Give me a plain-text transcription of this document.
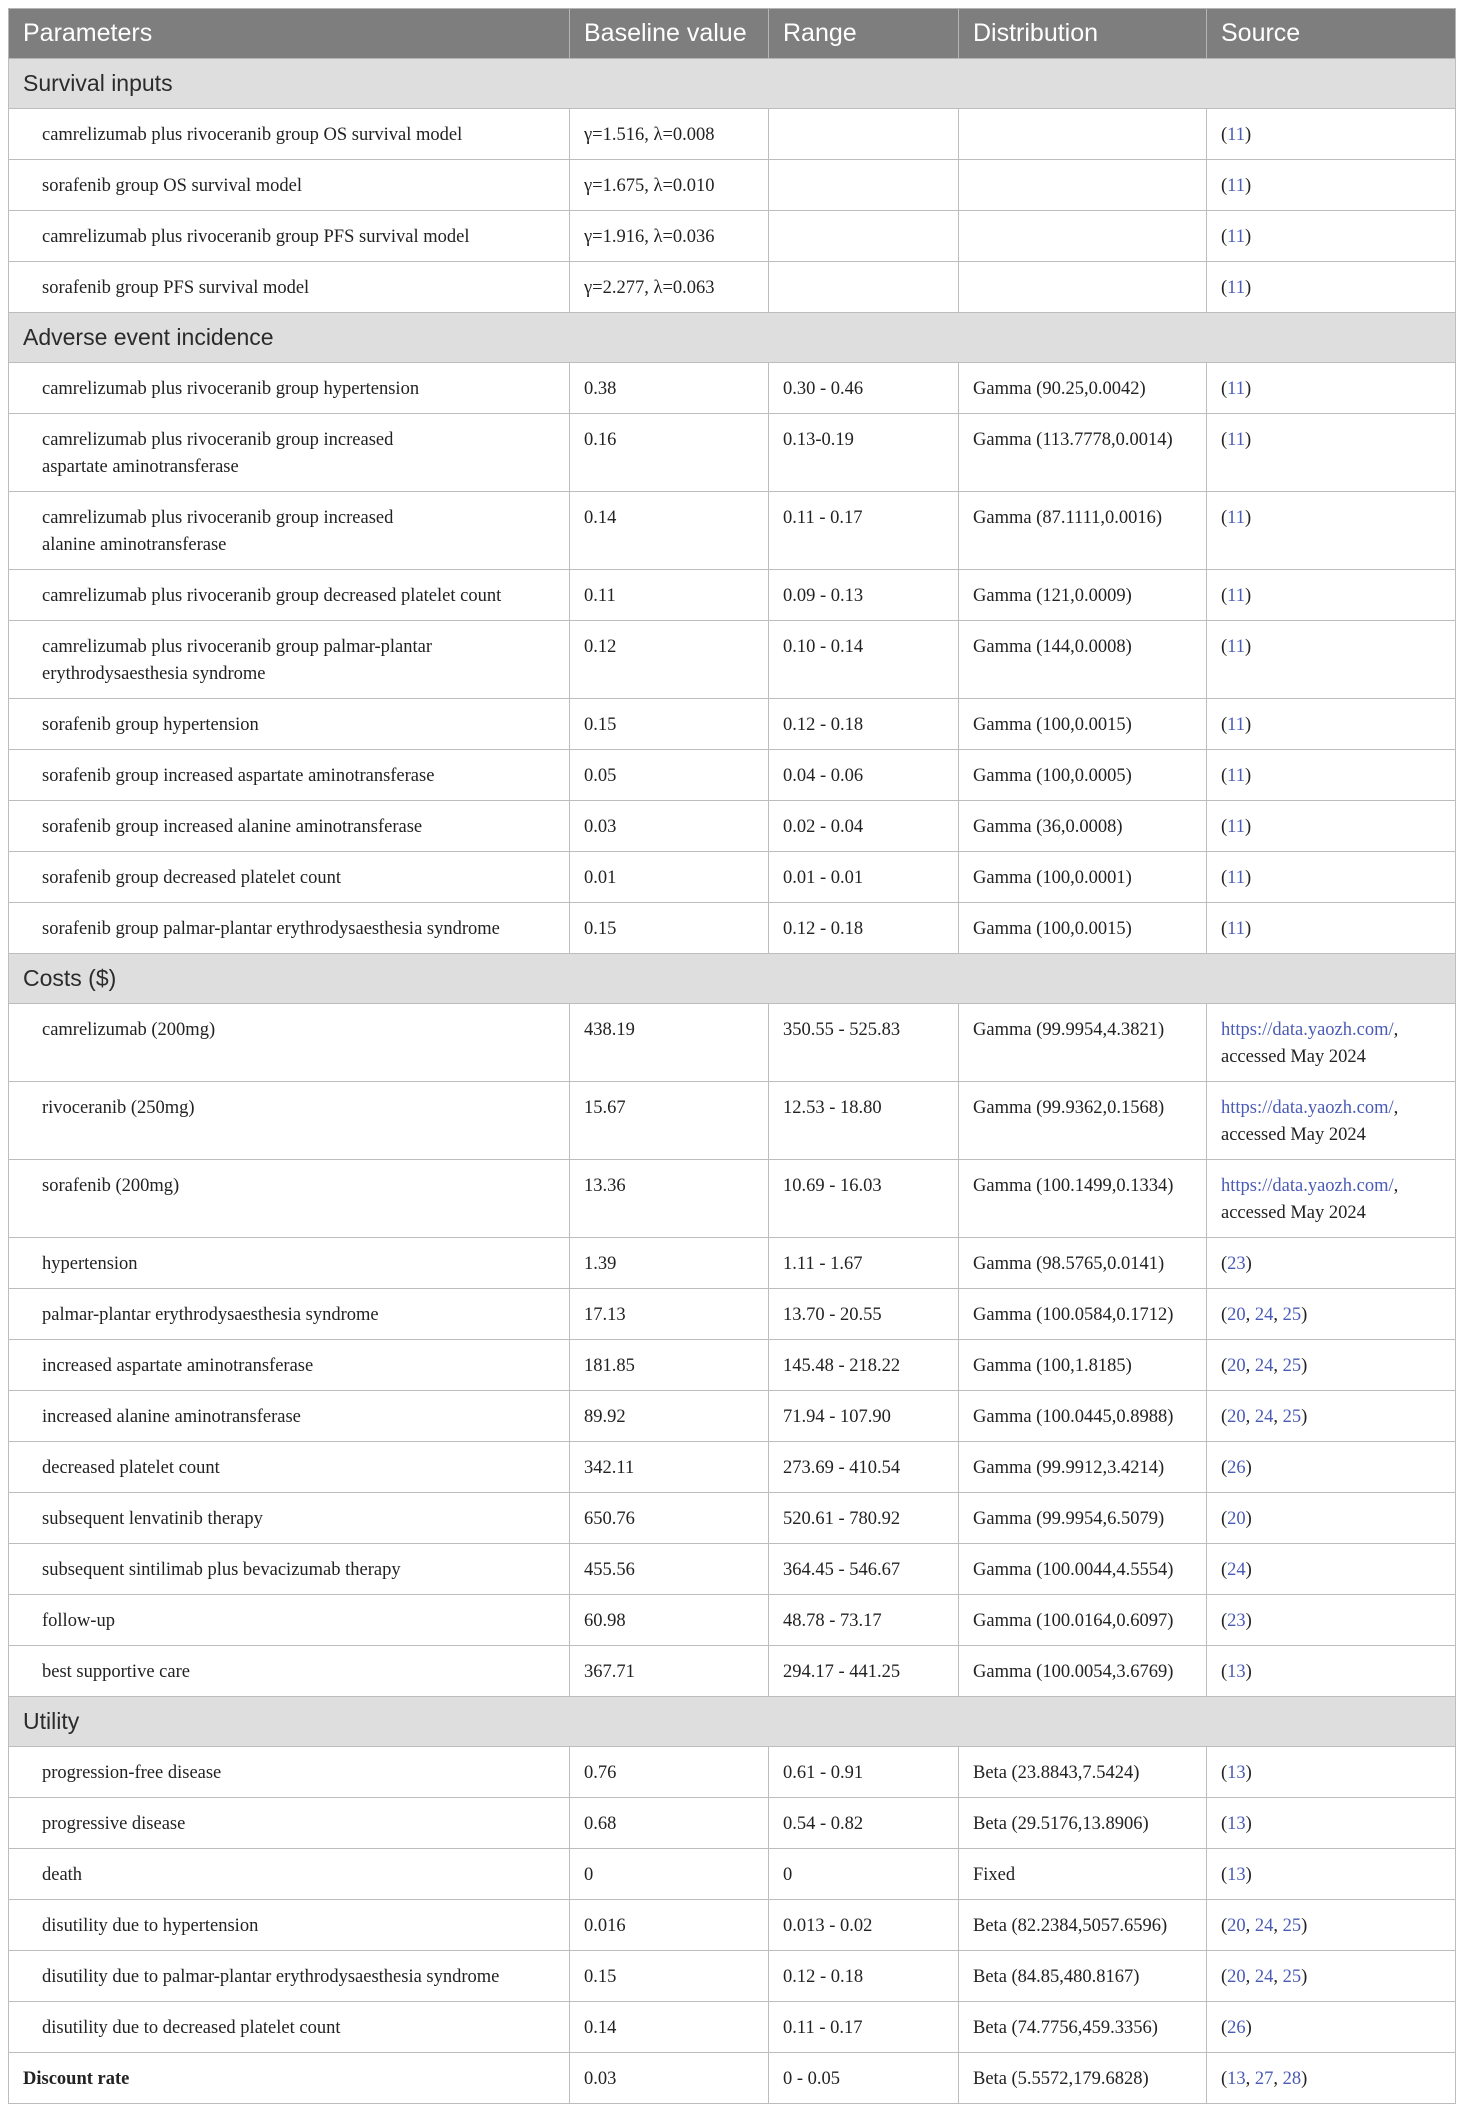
Parameters	Baseline value	Range	Distribution	Source
Survival inputs				
camrelizumab plus rivoceranib group OS survival model	γ=1.516, λ=0.008			(11)
sorafenib group OS survival model	γ=1.675, λ=0.010			(11)
camrelizumab plus rivoceranib group PFS survival model	γ=1.916, λ=0.036			(11)
sorafenib group PFS survival model	γ=2.277, λ=0.063			(11)
Adverse event incidence				
camrelizumab plus rivoceranib group hypertension	0.38	0.30 - 0.46	Gamma (90.25,0.0042)	(11)
camrelizumab plus rivoceranib group increased
aspartate aminotransferase	0.16	0.13-0.19	Gamma (113.7778,0.0014)	(11)
camrelizumab plus rivoceranib group increased
alanine aminotransferase	0.14	0.11 - 0.17	Gamma (87.1111,0.0016)	(11)
camrelizumab plus rivoceranib group decreased platelet count	0.11	0.09 - 0.13	Gamma (121,0.0009)	(11)
camrelizumab plus rivoceranib group palmar-plantar
erythrodysaesthesia syndrome	0.12	0.10 - 0.14	Gamma (144,0.0008)	(11)
sorafenib group hypertension	0.15	0.12 - 0.18	Gamma (100,0.0015)	(11)
sorafenib group increased aspartate aminotransferase	0.05	0.04 - 0.06	Gamma (100,0.0005)	(11)
sorafenib group increased alanine aminotransferase	0.03	0.02 - 0.04	Gamma (36,0.0008)	(11)
sorafenib group decreased platelet count	0.01	0.01 - 0.01	Gamma (100,0.0001)	(11)
sorafenib group palmar-plantar erythrodysaesthesia syndrome	0.15	0.12 - 0.18	Gamma (100,0.0015)	(11)
Costs ($)				
camrelizumab (200mg)	438.19	350.55 - 525.83	Gamma (99.9954,4.3821)	https://data.yaozh.com/,
accessed May 2024
rivoceranib (250mg)	15.67	12.53 - 18.80	Gamma (99.9362,0.1568)	https://data.yaozh.com/,
accessed May 2024
sorafenib (200mg)	13.36	10.69 - 16.03	Gamma (100.1499,0.1334)	https://data.yaozh.com/,
accessed May 2024
hypertension	1.39	1.11 - 1.67	Gamma (98.5765,0.0141)	(23)
palmar-plantar erythrodysaesthesia syndrome	17.13	13.70 - 20.55	Gamma (100.0584,0.1712)	(20, 24, 25)
increased aspartate aminotransferase	181.85	145.48 - 218.22	Gamma (100,1.8185)	(20, 24, 25)
increased alanine aminotransferase	89.92	71.94 - 107.90	Gamma (100.0445,0.8988)	(20, 24, 25)
decreased platelet count	342.11	273.69 - 410.54	Gamma (99.9912,3.4214)	(26)
subsequent lenvatinib therapy	650.76	520.61 - 780.92	Gamma (99.9954,6.5079)	(20)
subsequent sintilimab plus bevacizumab therapy	455.56	364.45 - 546.67	Gamma (100.0044,4.5554)	(24)
follow-up	60.98	48.78 - 73.17	Gamma (100.0164,0.6097)	(23)
best supportive care	367.71	294.17 - 441.25	Gamma (100.0054,3.6769)	(13)
Utility				
progression-free disease	0.76	0.61 - 0.91	Beta (23.8843,7.5424)	(13)
progressive disease	0.68	0.54 - 0.82	Beta (29.5176,13.8906)	(13)
death	0	0	Fixed	(13)
disutility due to hypertension	0.016	0.013 - 0.02	Beta (82.2384,5057.6596)	(20, 24, 25)
disutility due to palmar-plantar erythrodysaesthesia syndrome	0.15	0.12 - 0.18	Beta (84.85,480.8167)	(20, 24, 25)
disutility due to decreased platelet count	0.14	0.11 - 0.17	Beta (74.7756,459.3356)	(26)
Discount rate	0.03	0 - 0.05	Beta (5.5572,179.6828)	(13, 27, 28)
